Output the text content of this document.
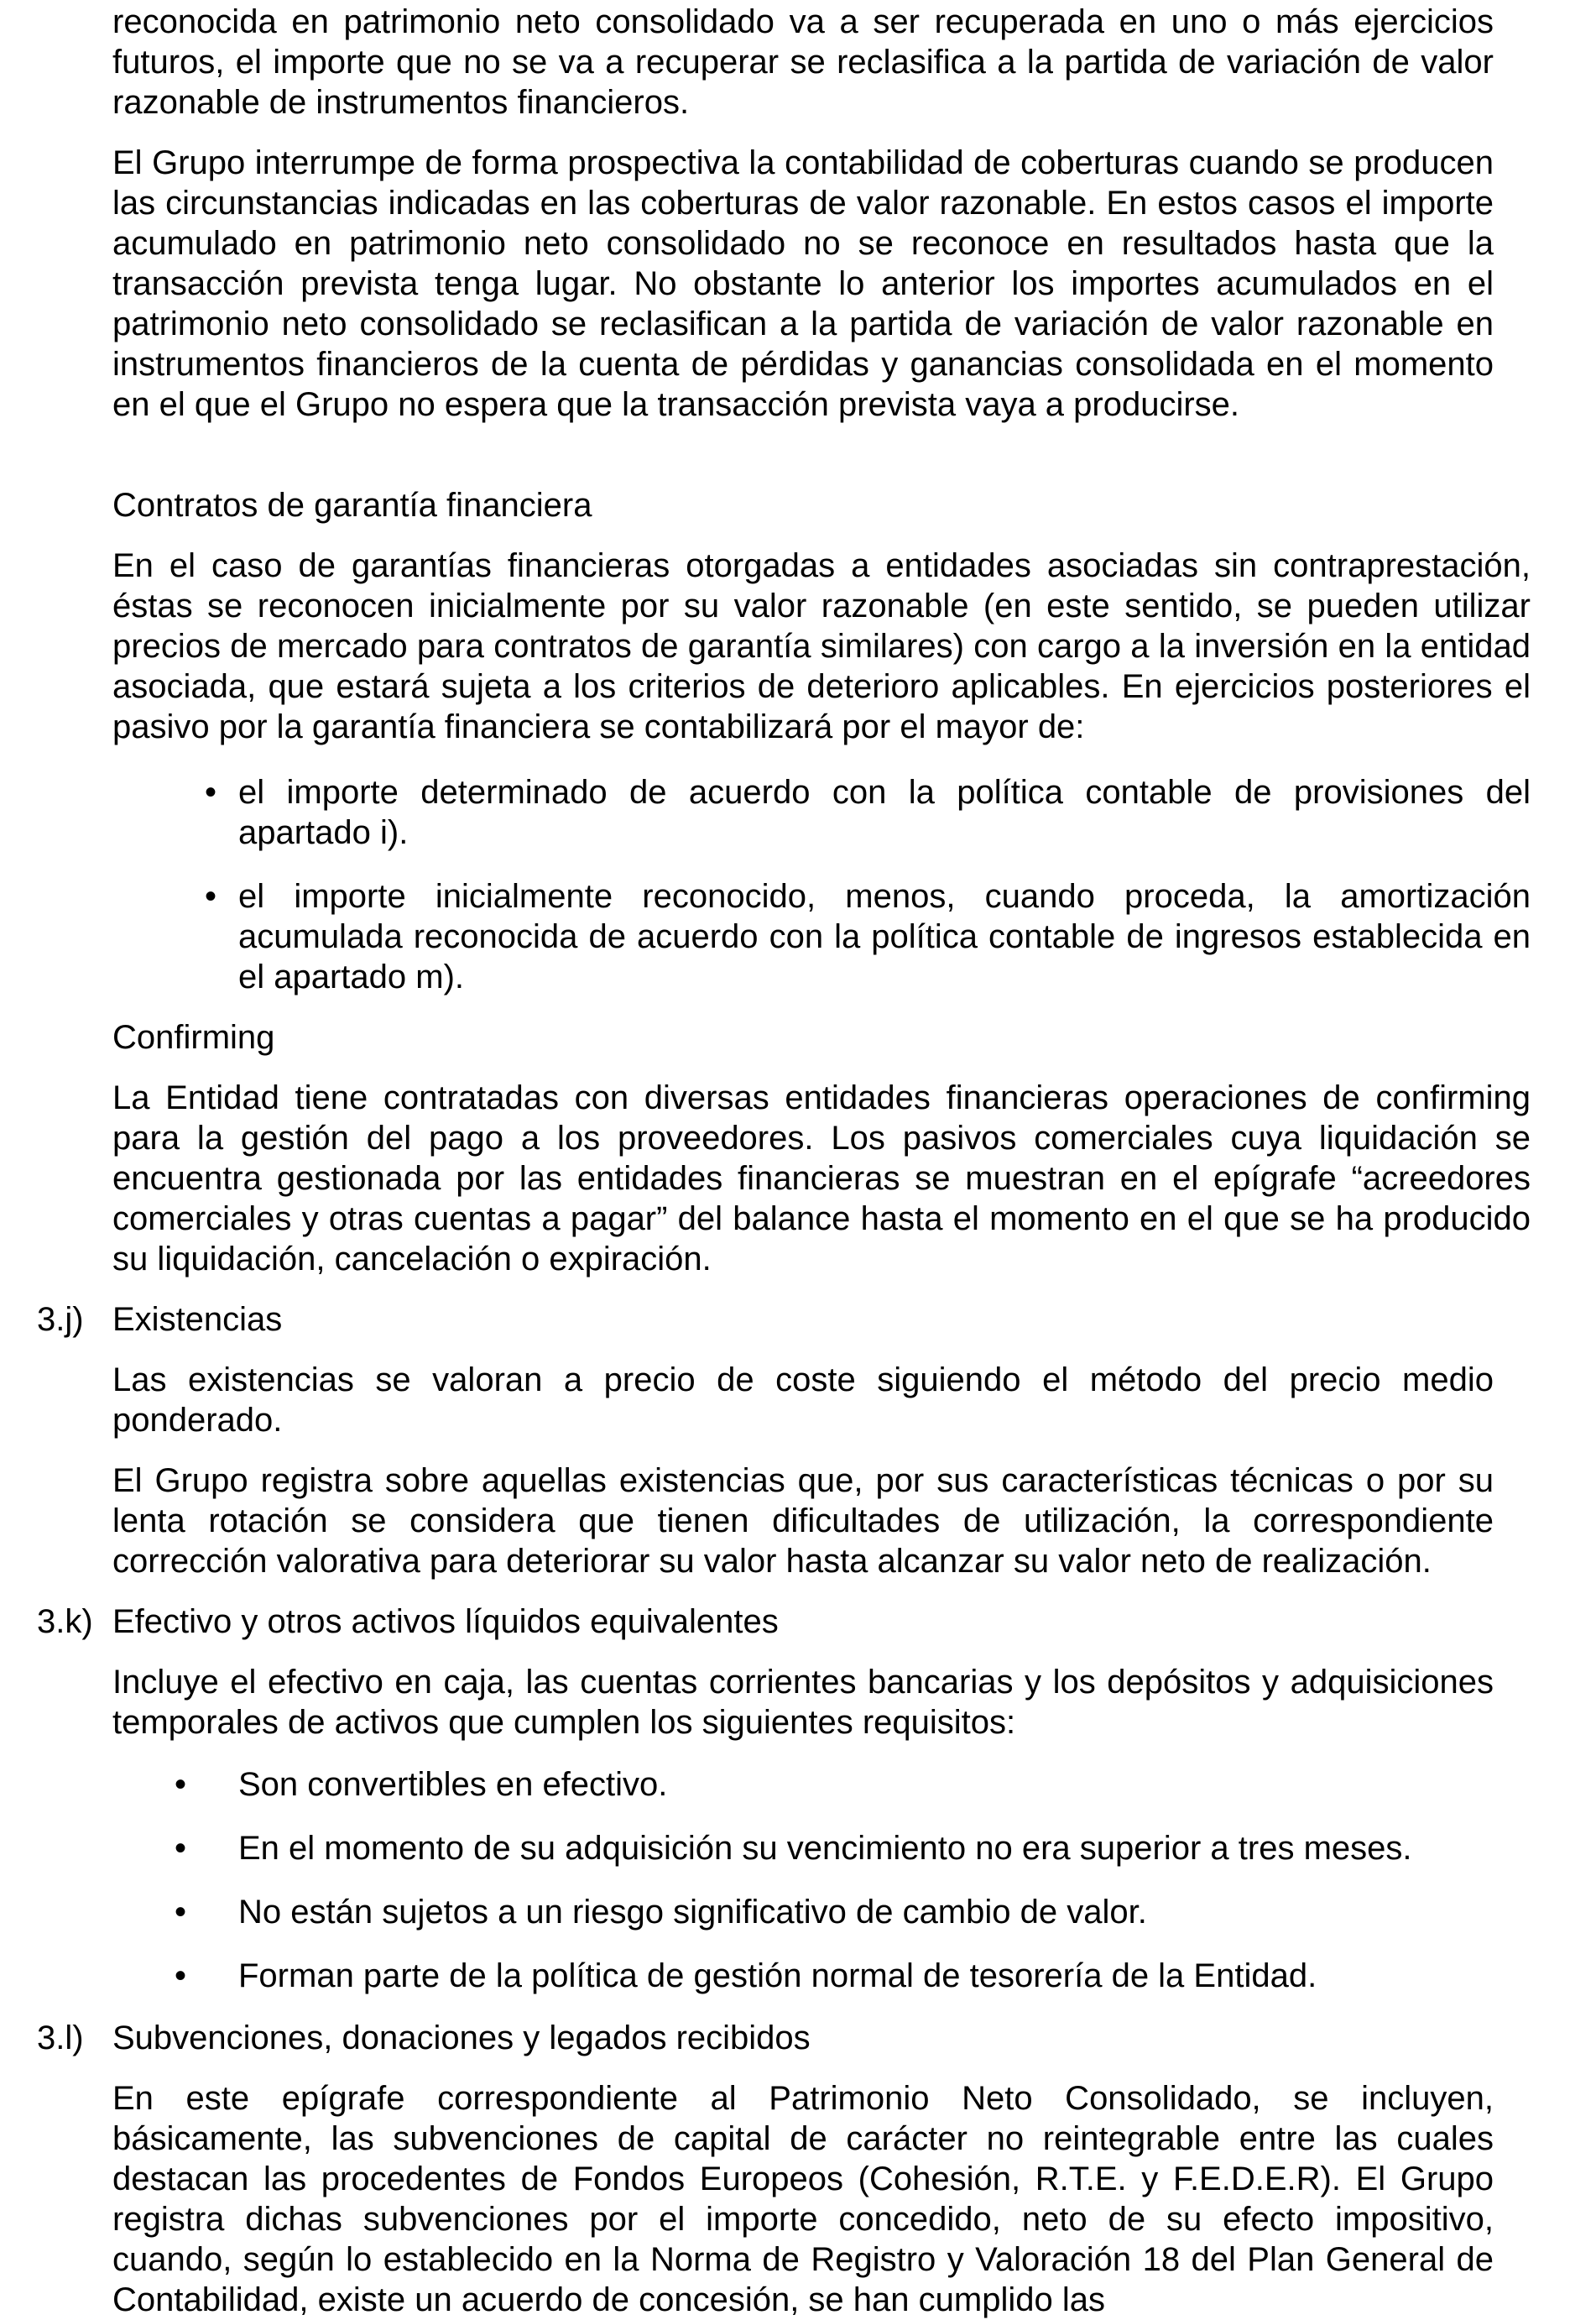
reconocida en patrimonio neto consolidado va a ser recuperada en uno o más ejercicios futuros, el importe que no se va a recuperar se reclasifica a la partida de variación de valor razonable de instrumentos financieros.

El Grupo interrumpe de forma prospectiva la contabilidad de coberturas cuando se producen las circunstancias indicadas en las coberturas de valor razonable. En estos casos el importe acumulado en patrimonio neto consolidado no se reconoce en resultados hasta que la transacción prevista tenga lugar. No obstante lo anterior los importes acumulados en el patrimonio neto consolidado se reclasifican a la partida de variación de valor razonable en instrumentos financieros de la cuenta de pérdidas y ganancias consolidada en el momento en el que el Grupo no espera que la transacción prevista vaya a producirse.

Contratos de garantía financiera

En el caso de garantías financieras otorgadas a entidades asociadas sin contraprestación, éstas se reconocen inicialmente por su valor razonable (en este sentido, se pueden utilizar precios de mercado para contratos de garantía similares) con cargo a la inversión en la entidad asociada, que estará sujeta a los criterios de deterioro aplicables. En ejercicios posteriores el pasivo por la garantía financiera se contabilizará por el mayor de:

• el importe determinado de acuerdo con la política contable de provisiones del apartado i).

• el importe inicialmente reconocido, menos, cuando proceda, la amortización acumulada reconocida de acuerdo con la política contable de ingresos establecida en el apartado m).

Confirming

La Entidad tiene contratadas con diversas entidades financieras operaciones de confirming para la gestión del pago a los proveedores. Los pasivos comerciales cuya liquidación se encuentra gestionada por las entidades financieras se muestran en el epígrafe “acreedores comerciales y otras cuentas a pagar” del balance hasta el momento en el que se ha producido su liquidación, cancelación o expiración.

3.j) Existencias

Las existencias se valoran a precio de coste siguiendo el método del precio medio ponderado.

El Grupo registra sobre aquellas existencias que, por sus características técnicas o por su lenta rotación se considera que tienen dificultades de utilización, la correspondiente corrección valorativa para deteriorar su valor hasta alcanzar su valor neto de realización.

3.k) Efectivo y otros activos líquidos equivalentes

Incluye el efectivo en caja, las cuentas corrientes bancarias y los depósitos y adquisiciones temporales de activos que cumplen los siguientes requisitos:

• Son convertibles en efectivo.
• En el momento de su adquisición su vencimiento no era superior a tres meses.
• No están sujetos a un riesgo significativo de cambio de valor.
• Forman parte de la política de gestión normal de tesorería de la Entidad.

3.l) Subvenciones, donaciones y legados recibidos

En este epígrafe correspondiente al Patrimonio Neto Consolidado, se incluyen, básicamente, las subvenciones de capital de carácter no reintegrable entre las cuales destacan las procedentes de Fondos Europeos (Cohesión, R.T.E. y F.E.D.E.R). El Grupo registra dichas subvenciones por el importe concedido, neto de su efecto impositivo, cuando, según lo establecido en la Norma de Registro y Valoración 18 del Plan General de Contabilidad, existe un acuerdo de concesión, se han cumplido las
